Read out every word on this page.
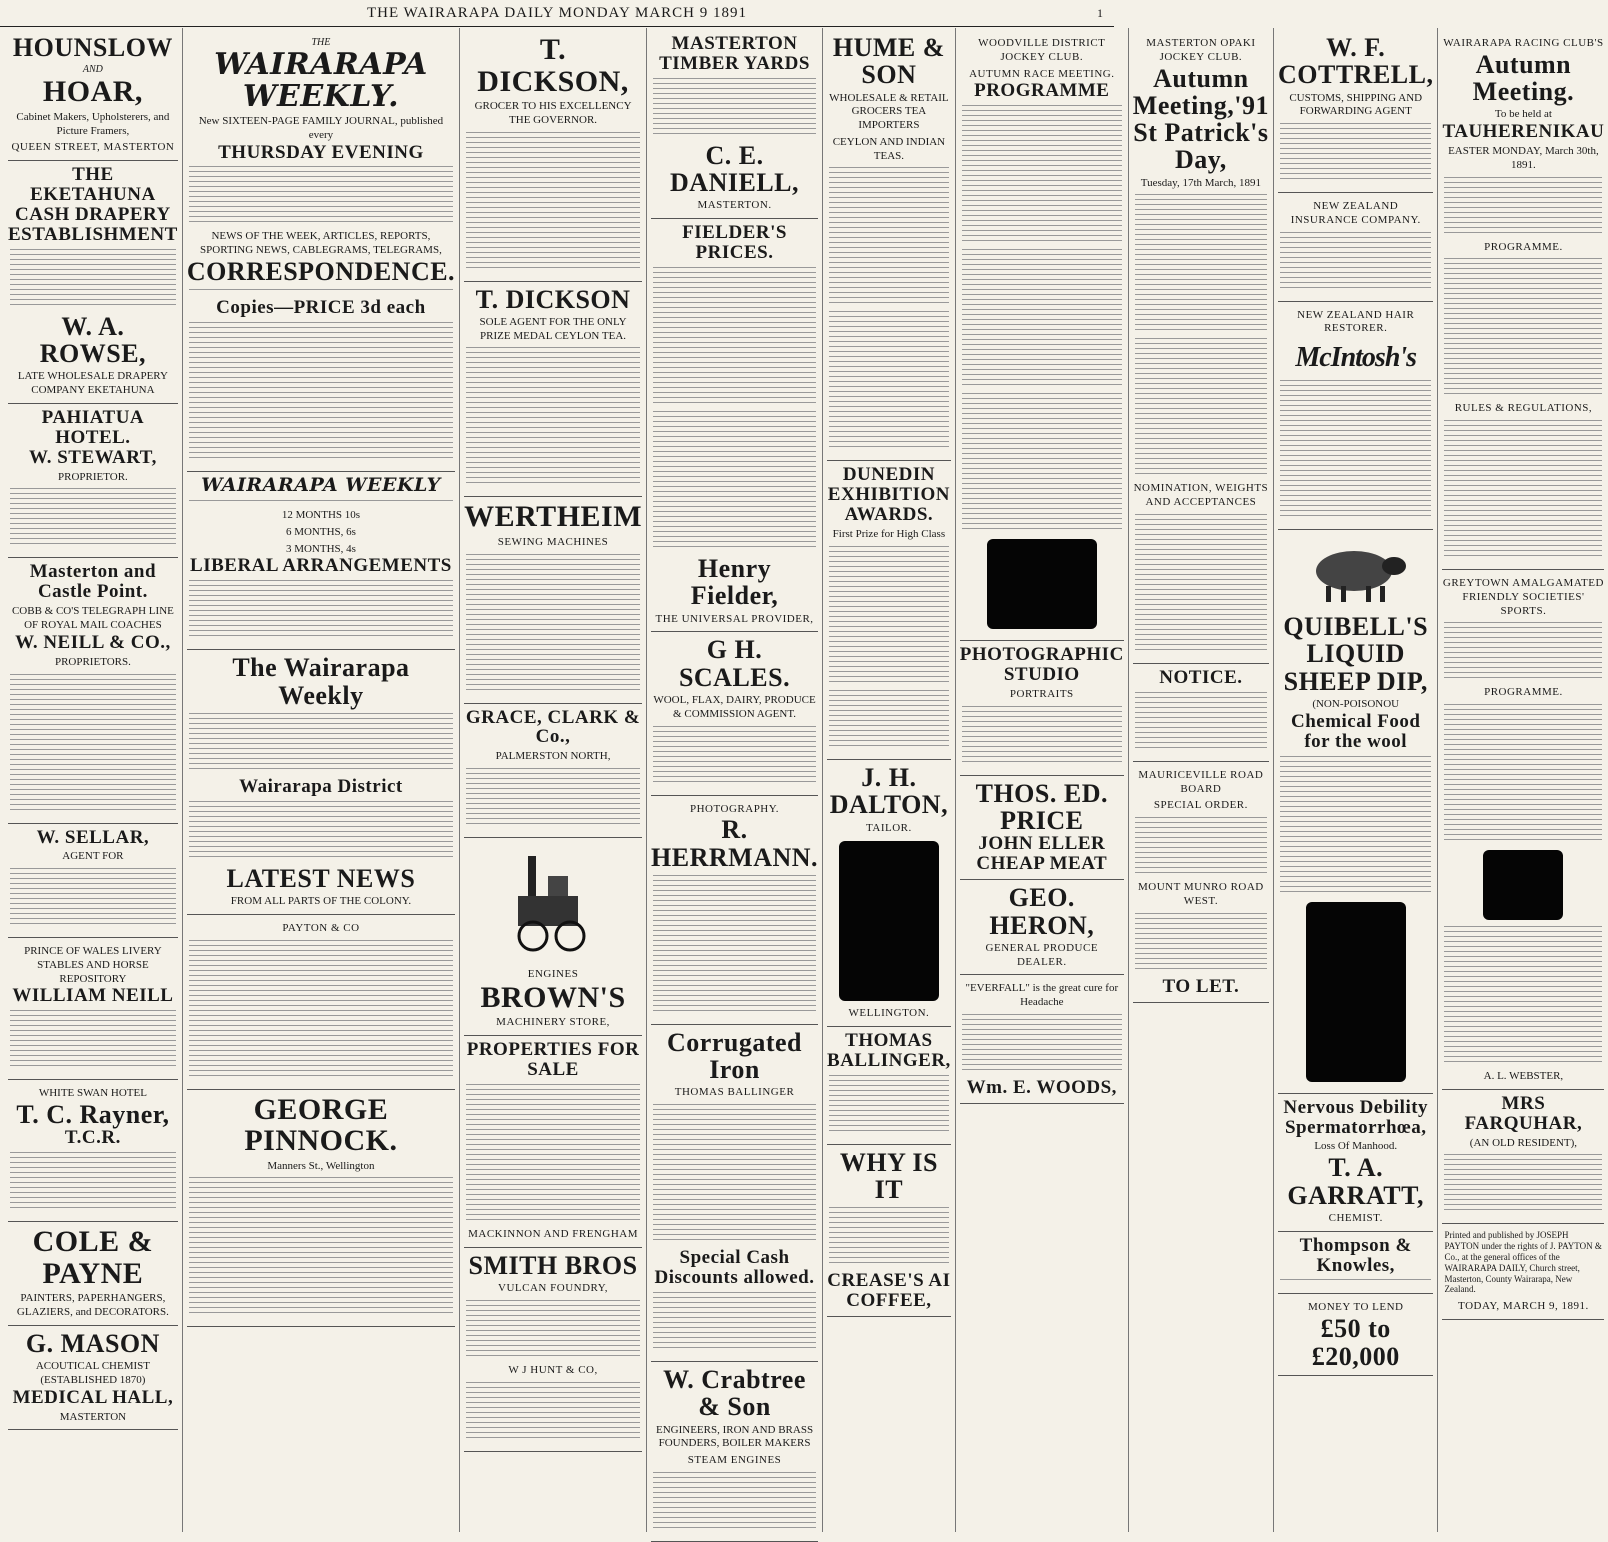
THE WAIRARAPA DAILY MONDAY MARCH 9 1891	1
HOUNSLOW
AND
HOAR,
Cabinet Makers, Upholsterers, and Picture Framers,
QUEEN STREET, MASTERTON
THE EKETAHUNA CASH DRAPERY ESTABLISHMENT
W. A. ROWSE,
LATE WHOLESALE DRAPERY COMPANY EKETAHUNA
PAHIATUA HOTEL.
W. STEWART,
PROPRIETOR.
Masterton and Castle Point.
COBB & CO'S TELEGRAPH LINE OF ROYAL MAIL COACHES
W. NEILL & CO.,
PROPRIETORS.
W. SELLAR,
AGENT FOR
PRINCE OF WALES LIVERY STABLES AND HORSE REPOSITORY
WILLIAM NEILL
WHITE SWAN HOTEL
T. C. Rayner,
T.C.R.
COLE & PAYNE
PAINTERS, PAPERHANGERS, GLAZIERS, and DECORATORS.
G. MASON
ACOUTICAL CHEMIST (ESTABLISHED 1870)
MEDICAL HALL,
MASTERTON
THE
WAIRARAPA WEEKLY.
New SIXTEEN-PAGE FAMILY JOURNAL, published every
THURSDAY EVENING
NEWS OF THE WEEK, ARTICLES, REPORTS, SPORTING NEWS, CABLEGRAMS, TELEGRAMS,
CORRESPONDENCE.
Copies—PRICE 3d each
WAIRARAPA WEEKLY
12 MONTHS 10s
6 MONTHS, 6s
3 MONTHS, 4s
LIBERAL ARRANGEMENTS
The Wairarapa Weekly
Wairarapa District
LATEST NEWS
FROM ALL PARTS OF THE COLONY.
PAYTON & CO
GEORGE PINNOCK.
Manners St., Wellington
T. DICKSON,
GROCER TO HIS EXCELLENCY THE GOVERNOR.
T. DICKSON
SOLE AGENT FOR THE ONLY PRIZE MEDAL CEYLON TEA.
WERTHEIM
SEWING MACHINES
GRACE, CLARK & Co.,
PALMERSTON NORTH,
ENGINES
BROWN'S
MACHINERY STORE,
PROPERTIES FOR SALE
MACKINNON AND FRENGHAM
SMITH BROS
VULCAN FOUNDRY,
W J HUNT & CO,
MASTERTON TIMBER YARDS
C. E. DANIELL,
MASTERTON.
FIELDER'S PRICES.
Henry Fielder,
THE UNIVERSAL PROVIDER,
G H. SCALES.
WOOL, FLAX, DAIRY, PRODUCE & COMMISSION AGENT.
PHOTOGRAPHY.
R. HERRMANN.
Corrugated Iron
THOMAS BALLINGER
Special Cash Discounts allowed.
W. Crabtree & Son
ENGINEERS, IRON AND BRASS FOUNDERS, BOILER MAKERS
STEAM ENGINES
HUME & SON
WHOLESALE & RETAIL GROCERS TEA IMPORTERS
CEYLON AND INDIAN TEAS.
DUNEDIN EXHIBITION AWARDS.
First Prize for High Class
J. H. DALTON,
TAILOR.
WELLINGTON.
THOMAS BALLINGER,
WHY IS IT
CREASE'S AI COFFEE,
WOODVILLE DISTRICT JOCKEY CLUB.
AUTUMN RACE MEETING.
PROGRAMME
PHOTOGRAPHIC STUDIO
PORTRAITS
THOS. ED. PRICE
JOHN ELLER
CHEAP MEAT
GEO. HERON,
GENERAL PRODUCE DEALER.
"EVERFALL" is the great cure for Headache
Wm. E. WOODS,
MASTERTON OPAKI JOCKEY CLUB.
Autumn Meeting,'91
St Patrick's Day,
Tuesday, 17th March, 1891
NOMINATION, WEIGHTS AND ACCEPTANCES
NOTICE.
MAURICEVILLE ROAD BOARD
SPECIAL ORDER.
MOUNT MUNRO ROAD WEST.
TO LET.
W. F. COTTRELL,
CUSTOMS, SHIPPING AND FORWARDING AGENT
NEW ZEALAND INSURANCE COMPANY.
NEW ZEALAND HAIR RESTORER.
McIntosh's
QUIBELL'S LIQUID SHEEP DIP,
(NON-POISONOU
Chemical Food for the wool
Nervous Debility
Spermatorrhœa,
Loss Of Manhood.
T. A. GARRATT,
CHEMIST.
Thompson & Knowles,
MONEY TO LEND
£50 to £20,000
WAIRARAPA RACING CLUB'S
Autumn Meeting.
To be held at
TAUHERENIKAU
EASTER MONDAY, March 30th, 1891.
PROGRAMME.
RULES & REGULATIONS,
GREYTOWN AMALGAMATED FRIENDLY SOCIETIES' SPORTS.
PROGRAMME.
A. L. WEBSTER,
MRS FARQUHAR,
(AN OLD RESIDENT),
Printed and published by JOSEPH PAYTON under the rights of J. PAYTON & Co., at the general offices of the WAIRARAPA DAILY, Church street, Masterton, County Wairarapa, New Zealand.
TODAY, MARCH 9, 1891.
